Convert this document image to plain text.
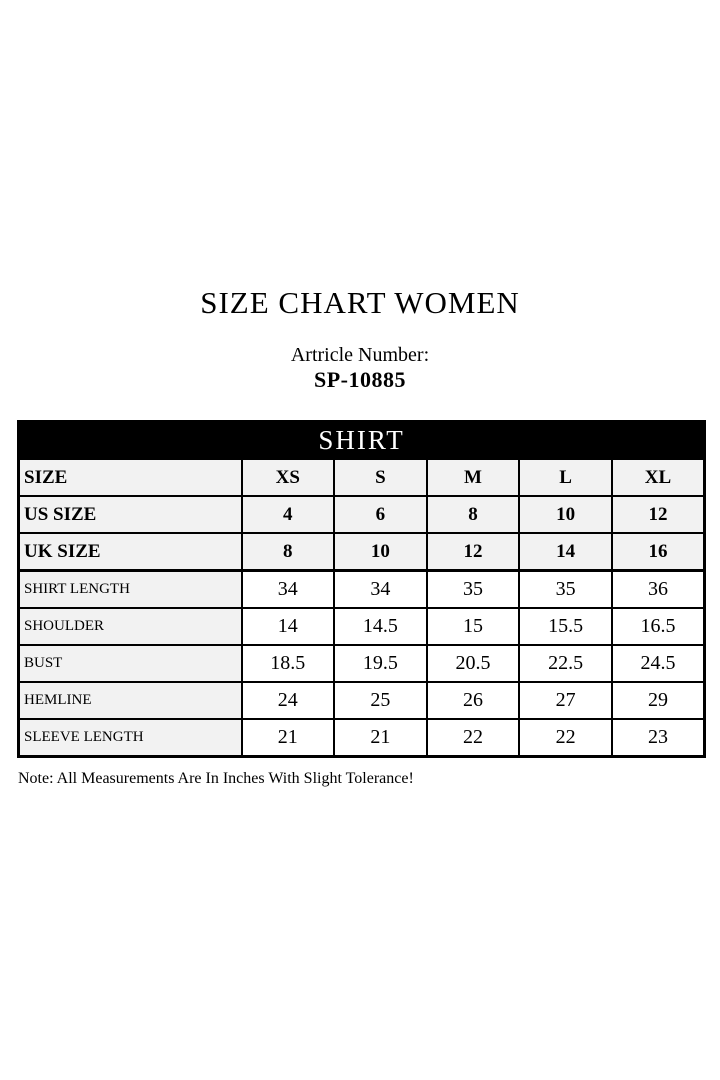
SIZE CHART WOMEN
Artricle Number:
SP-10885
SHIRT					
SIZE	XS	S	M	L	XL
US SIZE	4	6	8	10	12
UK SIZE	8	10	12	14	16
SHIRT LENGTH	34	34	35	35	36
SHOULDER	14	14.5	15	15.5	16.5
BUST	18.5	19.5	20.5	22.5	24.5
HEMLINE	24	25	26	27	29
SLEEVE LENGTH	21	21	22	22	23

Note: All Measurements Are In Inches With Slight Tolerance!
